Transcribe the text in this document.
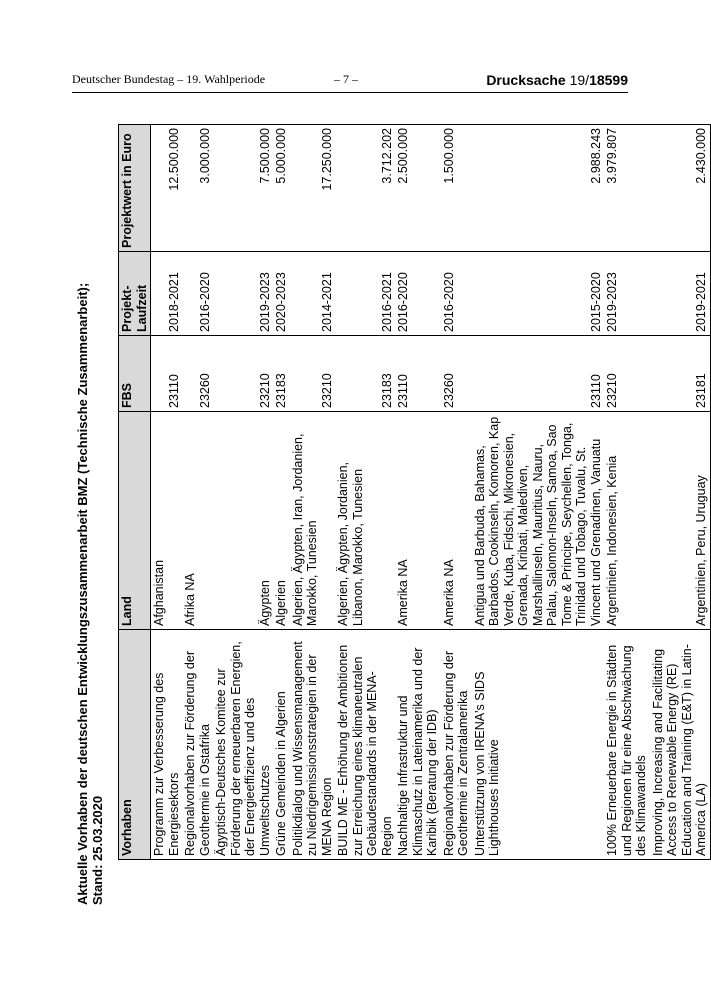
Deutscher Bundestag – 19. Wahlperiode	– 7 –	Drucksache 19/18599
Aktuelle Vorhaben der deutschen Entwicklungszusammenarbeit BMZ (Technische Zusammenarbeit); Stand: 25.03.2020 Vorhaben	Land	FBS	Projekt-Laufzeit	Projektwert in Euro
Programm zur Verbesserung des Energiesektors	Afghanistan	23110	2018-2021	12.500.000
Regionalvorhaben zur Förderung der Geothermie in Ostafrika	Afrika NA	23260	2016-2020	3.000.000
Ägyptisch-Deutsches Komitee zur Förderung der erneuerbaren Energien, der Energieeffizienz und des Umweltschutzes	Ägypten	23210	2019-2023	7.500.000
Grüne Gemeinden in Algerien	Algerien	23183	2020-2023	5.000.000
Politikdialog und Wissensmanagement zu Niedrigemissionsstrategien in der MENA Region	Algerien, Ägypten, Iran, Jordanien, Marokko, Tunesien	23210	2014-2021	17.250.000
BUILD ME - Erhöhung der Ambitionen zur Erreichung eines klimaneutralen Gebäudestandards in der MENA-Region	Algerien, Ägypten, Jordanien, Libanon, Marokko, Tunesien	23183	2016-2021	3.712.202
Nachhaltige Infrastruktur und Klimaschutz in Lateinamerika und der Karibik (Beratung der IDB)	Amerika NA	23110	2016-2020	2.500.000
Regionalvorhaben zur Förderung der Geothermie in Zentralamerika	Amerika NA	23260	2016-2020	1.500.000
Unterstützung von IRENA's SIDS Lighthouses Initiative	Antigua und Barbuda, Bahamas, Barbados, Cookinseln, Komoren, Kap Verde, Kuba, Fidschi, Mikronesien, Grenada, Kiribati, Malediven, Marshallinseln, Mauritius, Nauru, Palau, Salomon-Inseln, Samoa, Sao Tome & Principe, Seychellen, Tonga, Trinidad und Tobago, Tuvalu, St. Vincent und Grenadinen, Vanuatu	23110	2015-2020	2.988.243
100% Erneuerbare Energie in Städten und Regionen für eine Abschwächung des Klimawandels	Argentinien, Indonesien, Kenia	23210	2019-2023	3.979.807
Improving, Increasing and Facilitating Access to Renewable Energy (RE) Education and Training (E&T) in Latin-America (LA)	Argentinien, Peru, Uruguay	23181	2019-2021	2.430.000
